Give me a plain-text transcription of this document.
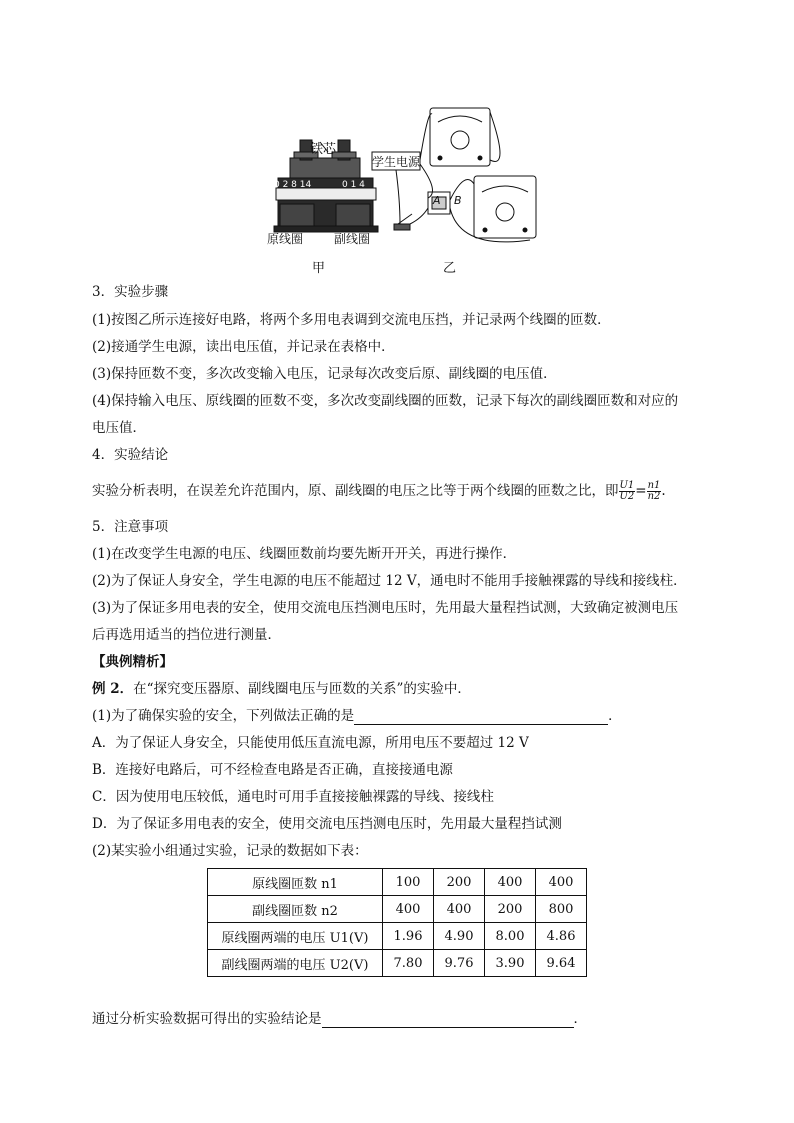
铁芯
0 2 8 14	0 1 4
原线圈	副线圈
学生电源
A B
甲	乙
3．实验步骤
(1)按图乙所示连接好电路，将两个多用电表调到交流电压挡，并记录两个线圈的匝数．
(2)接通学生电源，读出电压值，并记录在表格中．
(3)保持匝数不变，多次改变输入电压，记录每次改变后原、副线圈的电压值．
(4)保持输入电压、原线圈的匝数不变，多次改变副线圈的匝数，记录下每次的副线圈匝数和对应的
电压值．
4．实验结论
实验分析表明，在误差允许范围内，原、副线圈的电压之比等于两个线圈的匝数之比，即 $\frac{U1}{U2} = \frac{n1}{n2}$ .
5．注意事项
(1)在改变学生电源的电压、线圈匝数前均要先断开开关，再进行操作．
(2)为了保证人身安全，学生电源的电压不能超过 12 V，通电时不能用手接触裸露的导线和接线柱．
(3)为了保证多用电表的安全，使用交流电压挡测电压时，先用最大量程挡试测，大致确定被测电压
后再选用适当的挡位进行测量．
【典例精析】
例 2．在“探究变压器原、副线圈电压与匝数的关系”的实验中．
(1)为了确保实验的安全，下列做法正确的是	．
A．为了保证人身安全，只能使用低压直流电源，所用电压不要超过 12 V
B．连接好电路后，可不经检查电路是否正确，直接接通电源
C．因为使用电压较低，通电时可用手直接接触裸露的导线、接线柱
D．为了保证多用电表的安全，使用交流电压挡测电压时，先用最大量程挡试测
(2)某实验小组通过实验，记录的数据如下表：
原线圈匝数 n1	100	200	400	400
副线圈匝数 n2	400	400	200	800
原线圈两端的电压 U1(V)	1.96	4.90	8.00	4.86
副线圈两端的电压 U2(V)	7.80	9.76	3.90	9.64
通过分析实验数据可得出的实验结论是	．
